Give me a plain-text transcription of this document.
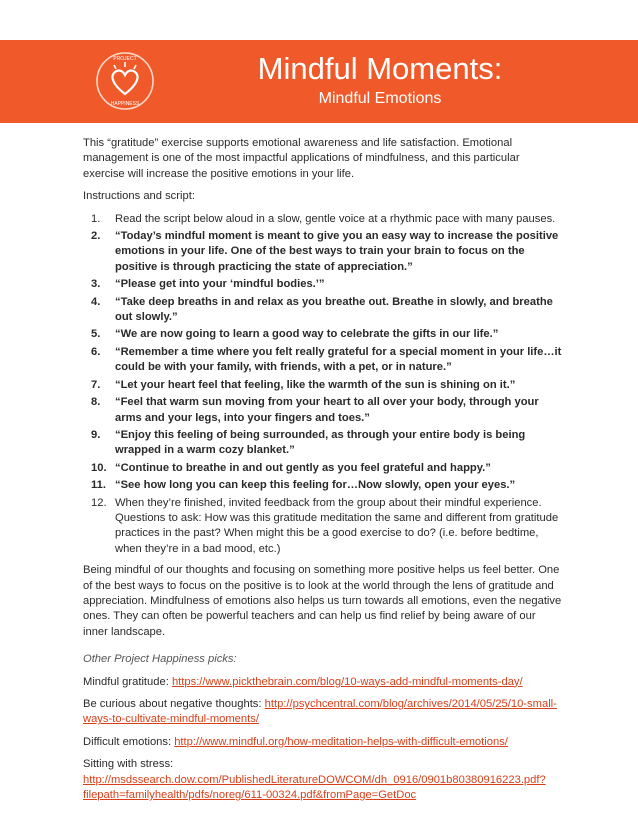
PROJECT
HAPPINESS
Mindful Moments:
Mindful Emotions

This “gratitude” exercise supports emotional awareness and life satisfaction. Emotional management is one of the most impactful applications of mindfulness, and this particular exercise will increase the positive emotions in your life.

Instructions and script:

1. Read the script below aloud in a slow, gentle voice at a rhythmic pace with many pauses.
2. “Today’s mindful moment is meant to give you an easy way to increase the positive emotions in your life. One of the best ways to train your brain to focus on the positive is through practicing the state of appreciation.”
3. “Please get into your ‘mindful bodies.’”
4. “Take deep breaths in and relax as you breathe out. Breathe in slowly, and breathe out slowly.”
5. “We are now going to learn a good way to celebrate the gifts in our life.”
6. “Remember a time where you felt really grateful for a special moment in your life…it could be with your family, with friends, with a pet, or in nature.”
7. “Let your heart feel that feeling, like the warmth of the sun is shining on it.”
8. “Feel that warm sun moving from your heart to all over your body, through your arms and your legs, into your fingers and toes.”
9. “Enjoy this feeling of being surrounded, as through your entire body is being wrapped in a warm cozy blanket.”
10. “Continue to breathe in and out gently as you feel grateful and happy.”
11. “See how long you can keep this feeling for…Now slowly, open your eyes.”
12. When they’re finished, invited feedback from the group about their mindful experience. Questions to ask: How was this gratitude meditation the same and different from gratitude practices in the past? When might this be a good exercise to do? (i.e. before bedtime, when they’re in a bad mood, etc.)

Being mindful of our thoughts and focusing on something more positive helps us feel better. One of the best ways to focus on the positive is to look at the world through the lens of gratitude and appreciation. Mindfulness of emotions also helps us turn towards all emotions, even the negative ones. They can often be powerful teachers and can help us find relief by being aware of our inner landscape.

Other Project Happiness picks:

Mindful gratitude: https://www.pickthebrain.com/blog/10-ways-add-mindful-moments-day/

Be curious about negative thoughts: http://psychcentral.com/blog/archives/2014/05/25/10-small-ways-to-cultivate-mindful-moments/

Difficult emotions: http://www.mindful.org/how-meditation-helps-with-difficult-emotions/

Sitting with stress: http://msdssearch.dow.com/PublishedLiteratureDOWCOM/dh_0916/0901b80380916223.pdf?filepath=familyhealth/pdfs/noreg/611-00324.pdf&fromPage=GetDoc
